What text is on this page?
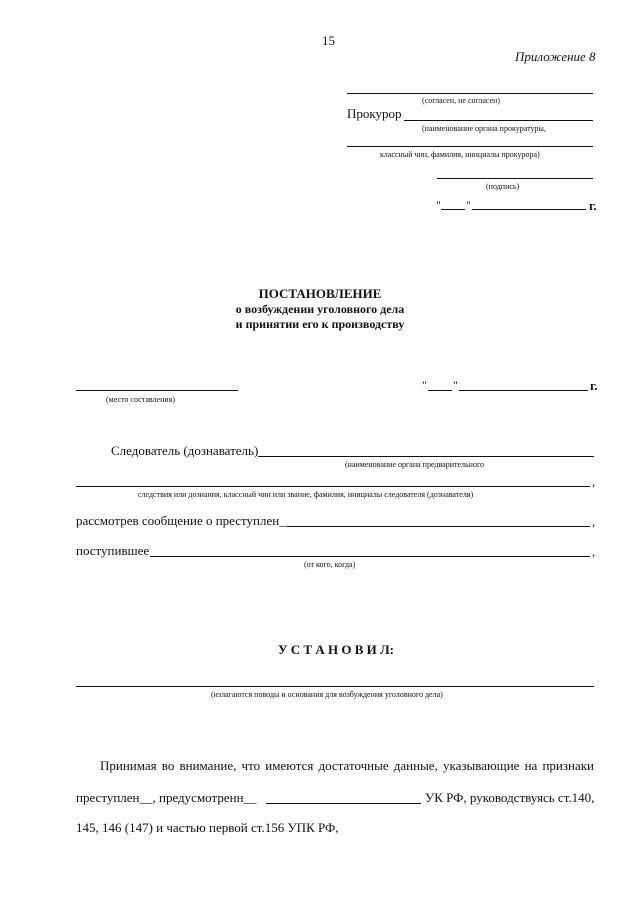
15
Приложение 8
(согласен, не согласен)
Прокурор
(наименование органа прокуратуры,
классный чин, фамилия, инициалы прокурора)
(подпись)
" "	г.
ПОСТАНОВЛЕНИЕ
о возбуждении уголовного дела
и принятии его к производству
(место составления)
" "	г.
Следователь (дознаватель)
(наименование органа предварительного
,
следствия или дознания, классный чин или звание, фамилия, инициалы следователя (дознавателя)
рассмотрев сообщение о преступлен__	,
поступившее	,
(от кого, когда)
У С Т А Н О В И Л:
(излагаются поводы и основания для возбуждения уголовного дела)
Принимая во внимание, что имеются достаточные данные, указывающие на признаки
преступлен__, предусмотренн__	УК РФ, руководствуясь ст.140,
145, 146 (147) и частью первой ст.156 УПК РФ,
